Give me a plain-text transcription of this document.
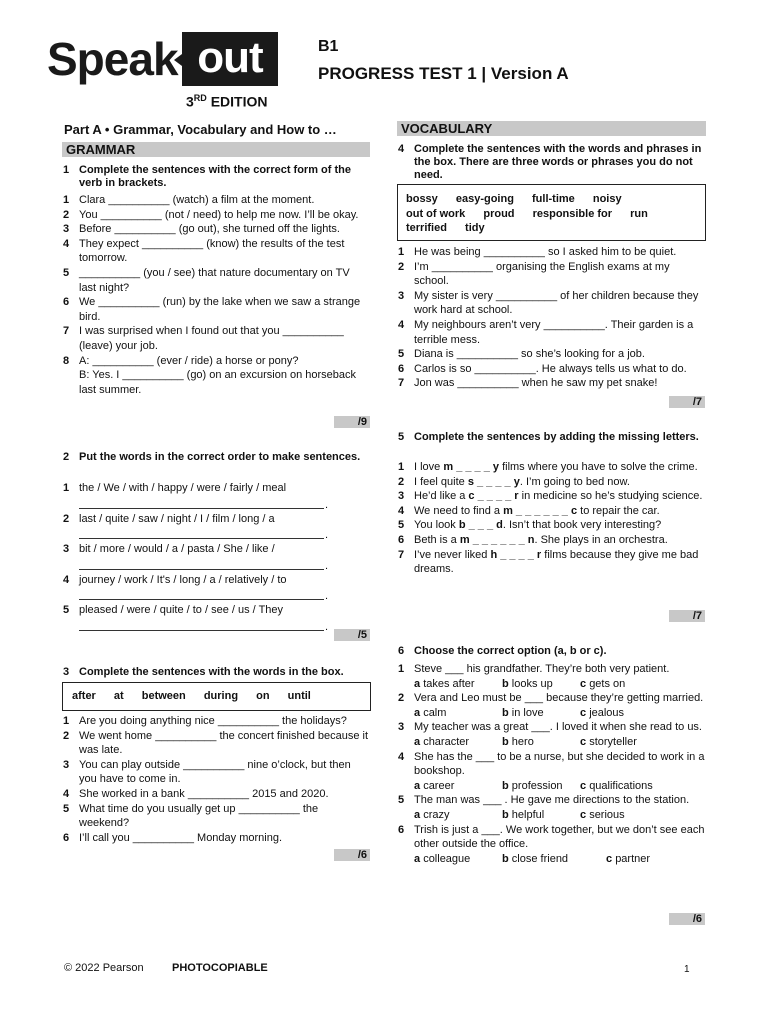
Speak out
3RD EDITION
B1
PROGRESS TEST 1 | Version A
Part A • Grammar, Vocabulary and How to …
GRAMMAR
1 Complete the sentences with the correct form of the verb in brackets.
1 Clara __________ (watch) a film at the moment.
2 You __________ (not / need) to help me now. I’ll be okay.
3 Before __________ (go out), she turned off the lights.
4 They expect __________ (know) the results of the test tomorrow.
5 __________ (you / see) that nature documentary on TV last night?
6 We __________ (run) by the lake when we saw a strange bird.
7 I was surprised when I found out that you __________ (leave) your job.
8 A: __________ (ever / ride) a horse or pony?
B: Yes. I __________ (go) on an excursion on horseback last summer.
/9
2 Put the words in the correct order to make sentences.
1 the / We / with / happy / were / fairly / meal
.
2 last / quite / saw / night / I / film / long / a
.
3 bit / more / would / a / pasta / She / like /
.
4 journey / work / It's / long / a / relatively / to
.
5 pleased / were / quite / to / see / us / They
.
/5
3 Complete the sentences with the words in the box.
after at between during on until
1 Are you doing anything nice __________ the holidays?
2 We went home __________ the concert finished because it was late.
3 You can play outside __________ nine o’clock, but then you have to come in.
4 She worked in a bank __________ 2015 and 2020.
5 What time do you usually get up __________ the weekend?
6 I’ll call you __________ Monday morning.
/6
VOCABULARY
4 Complete the sentences with the words and phrases in the box. There are three words or phrases you do not need.
bossy easy-going full-time noisy
out of work proud responsible for run
terrified tidy
1 He was being __________ so I asked him to be quiet.
2 I’m __________ organising the English exams at my school.
3 My sister is very __________ of her children because they work hard at school.
4 My neighbours aren’t very __________. Their garden is a terrible mess.
5 Diana is __________ so she’s looking for a job.
6 Carlos is so __________. He always tells us what to do.
7 Jon was __________ when he saw my pet snake!
/7
5 Complete the sentences by adding the missing letters.
1 I love m _ _ _ _ y films where you have to solve the crime.
2 I feel quite s _ _ _ _ y. I’m going to bed now.
3 He’d like a c _ _ _ _ r in medicine so he’s studying science.
4 We need to find a m _ _ _ _ _ _ c to repair the car.
5 You look b _ _ _ d. Isn’t that book very interesting?
6 Beth is a m _ _ _ _ _ _ n. She plays in an orchestra.
7 I’ve never liked h _ _ _ _ r films because they give me bad dreams.
/7
6 Choose the correct option (a, b or c).
1 Steve ___ his grandfather. They’re both very patient.
a takes after b looks up c gets on
2 Vera and Leo must be ___ because they’re getting married.
a calm	b in love	c jealous
3 My teacher was a great ___. I loved it when she read to us.
a character	b hero	c storyteller
4 She has the ___ to be a nurse, but she decided to work in a bookshop.
a career	b profession c qualifications
5 The man was ___ . He gave me directions to the station.
a crazy	b helpful	c serious
6 Trish is just a ___. We work together, but we don’t see each other outside the office.
a colleague	b close friend	c partner
/6
© 2022 Pearson	PHOTOCOPIABLE	1
